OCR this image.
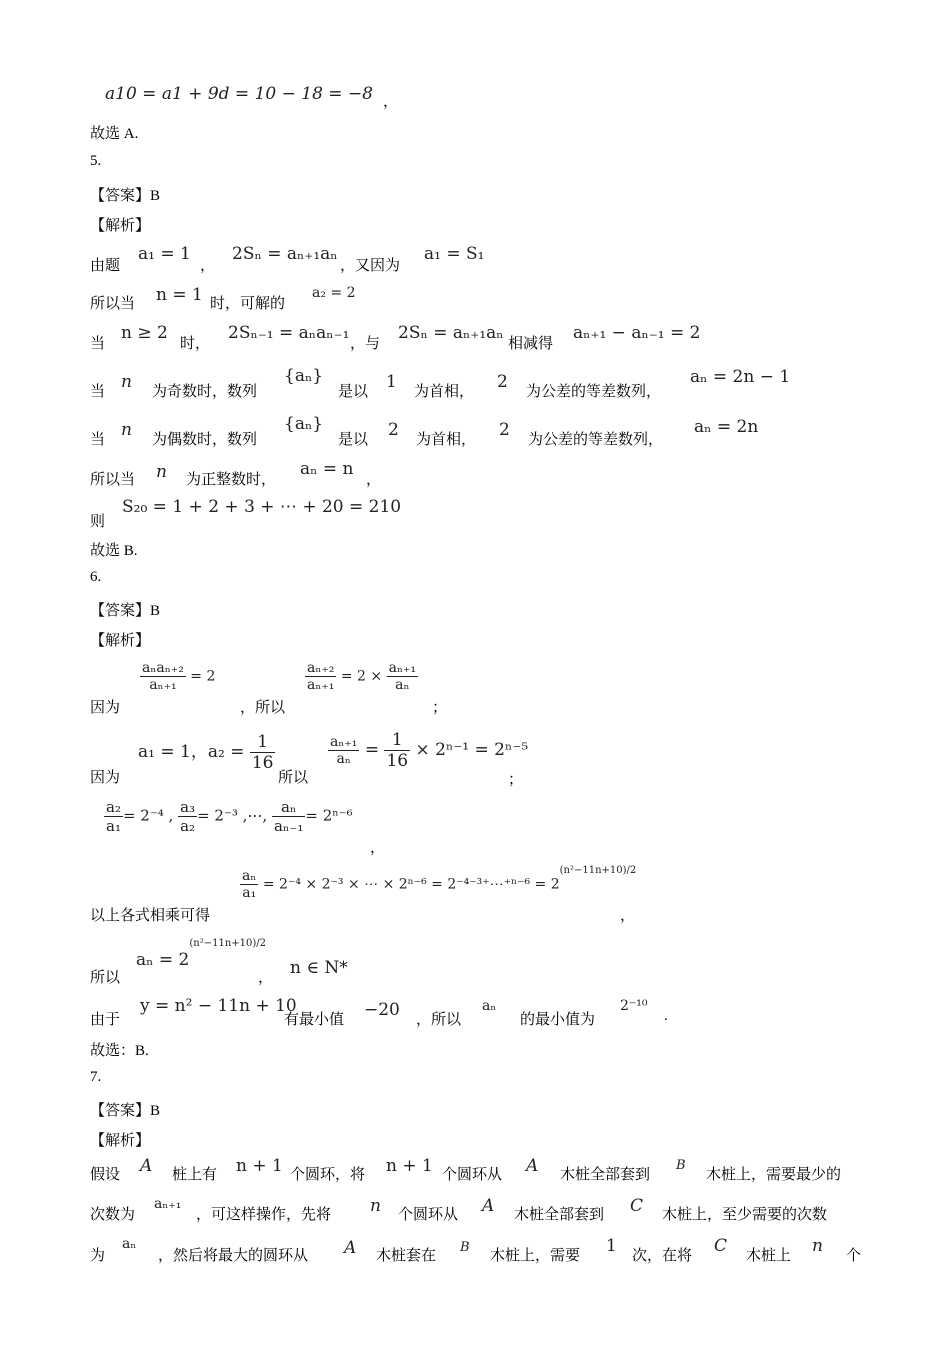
a10 = a1 + 9d = 10 − 18 = −8 ，
故选 A.
5.
【答案】B
【解析】
由题
a₁ = 1
，
2Sₙ = aₙ₊₁aₙ
，又因为
a₁ = S₁
所以当 n = 1 时，可解的
a₂ = 2
当
n ≥ 2
时，
2Sₙ₋₁ = aₙaₙ₋₁
，与
2Sₙ = aₙ₊₁aₙ
相减得
aₙ₊₁ − aₙ₋₁ = 2
当 n 为奇数时，数列
{aₙ}
是以 1 为首相， 2 为公差的等差数列，
aₙ = 2n − 1
当 n 为偶数时，数列
{aₙ}
是以 2 为首相， 2 为公差的等差数列，
aₙ = 2n
所以当 n 为正整数时，
aₙ = n
，
则
S₂₀ = 1 + 2 + 3 + ⋯ + 20 = 210
故选 B.
6.
【答案】B
【解析】
因为
$\frac{\text{aₙaₙ₊₂}}{\text{aₙ₊₁}} = 2$
，所以
$\frac{\text{aₙ₊₂}}{\text{aₙ₊₁}} = 2 \times \frac{\text{aₙ₊₁}}{\text{aₙ}}$
；
因为
a₁ = 1，$a_2 = \frac{1}{16}$
所以
$\frac{\text{aₙ₊₁}}{\text{aₙ}} = \frac{1}{16} \times 2^{n-1} = 2^{n-5}$
；
$\frac{\text{a₂}}{\text{a₁}} = 2^{-4}$ , $\frac{\text{a₃}}{\text{a₂}} = 2^{-3}$ ,⋯, $\frac{\text{aₙ}}{\text{aₙ₋₁}} = 2^{n-6}$
，
以上各式相乘可得
$\frac{\text{aₙ}}{\text{a₁}} = 2^{-4} \times 2^{-3}$ × ⋯ × 2ⁿ⁻⁶ = 2⁻⁴⁻³⁺⋯⁺ⁿ⁻⁶ = $2^{(n^2-11n+10)/2}$
，
所以
$a_n = 2^{(n^2-11n+10)/2}$
， n ∈ N*
由于
y = n² − 11n + 10
有最小值 −20 ，所以
aₙ
的最小值为
2⁻¹⁰
.
故选：B.
7.
【答案】B
【解析】
假设 A 桩上有 n + 1 个圆环，将 n + 1 个圆环从 A 木桩全部套到
B
木桩上，需要最少的
次数为
aₙ₊₁
，可这样操作，先将 n 个圆环从 A 木桩全部套到 C 木桩上，至少需要的次数
为
aₙ
，然后将最大的圆环从 A 木桩套在
B
木桩上，需要 1 次，在将 C 木桩上 n 个
